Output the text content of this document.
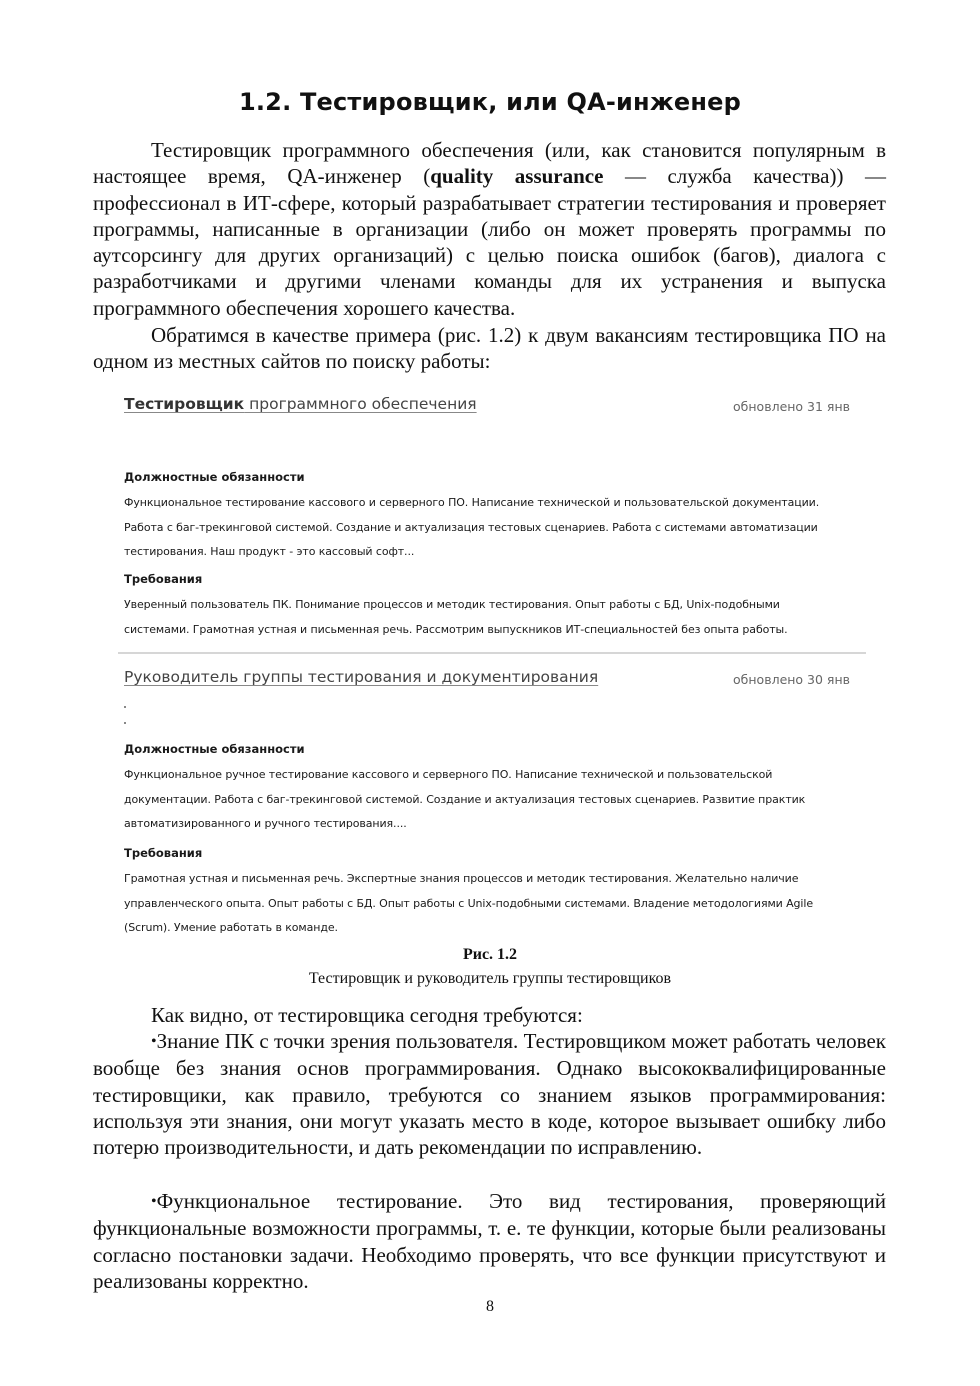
1.2. Тестировщик, или QA-инженер

Тестировщик программного обеспечения (или, как становится популярным в настоящее время, QA-инженер (quality assurance — служба качества)) — профессионал в ИТ-сфере, который разрабатывает стратегии тестирования и проверяет программы, написанные в организации (либо он может проверять программы по аутсорсингу для других организаций) с целью поиска ошибок (багов), диалога с разработчиками и другими членами команды для их устранения и выпуска программного обеспечения хорошего качества.

Обратимся в качестве примера (рис. 1.2) к двум вакансиям тестировщика ПО на одном из местных сайтов по поиску работы:

Тестировщик программного обеспечения	обновлено 31 янв

Должностные обязанности

Функциональное тестирование кассового и серверного ПО. Написание технической и пользовательской документации. Работа с баг-трекинговой системой. Создание и актуализация тестовых сценариев. Работа с системами автоматизации тестирования. Наш продукт - это кассовый софт...

Требования

Уверенный пользователь ПК. Понимание процессов и методик тестирования. Опыт работы с БД, Unix-подобными системами. Грамотная устная и письменная речь. Рассмотрим выпускников ИТ-специальностей без опыта работы.

Руководитель группы тестирования и документирования	обновлено 30 янв

Должностные обязанности

Функциональное ручное тестирование кассового и серверного ПО. Написание технической и пользовательской документации. Работа с баг-трекинговой системой. Создание и актуализация тестовых сценариев. Развитие практик автоматизированного и ручного тестирования....

Требования

Грамотная устная и письменная речь. Экспертные знания процессов и методик тестирования. Желательно наличие управленческого опыта. Опыт работы с БД. Опыт работы с Unix-подобными системами. Владение методологиями Agile (Scrum). Умение работать в команде.

Рис. 1.2

Тестировщик и руководитель группы тестировщиков

Как видно, от тестировщика сегодня требуются:

•Знание ПК с точки зрения пользователя. Тестировщиком может работать человек вообще без знания основ программирования. Однако высококвалифицированные тестировщики, как правило, требуются со знанием языков программирования: используя эти знания, они могут указать место в коде, которое вызывает ошибку либо потерю производительности, и дать рекомендации по исправлению.

•Функциональное тестирование. Это вид тестирования, проверяющий функциональные возможности программы, т. е. те функции, которые были реализованы согласно постановки задачи. Необходимо проверять, что все функции присутствуют и реализованы корректно.

8
